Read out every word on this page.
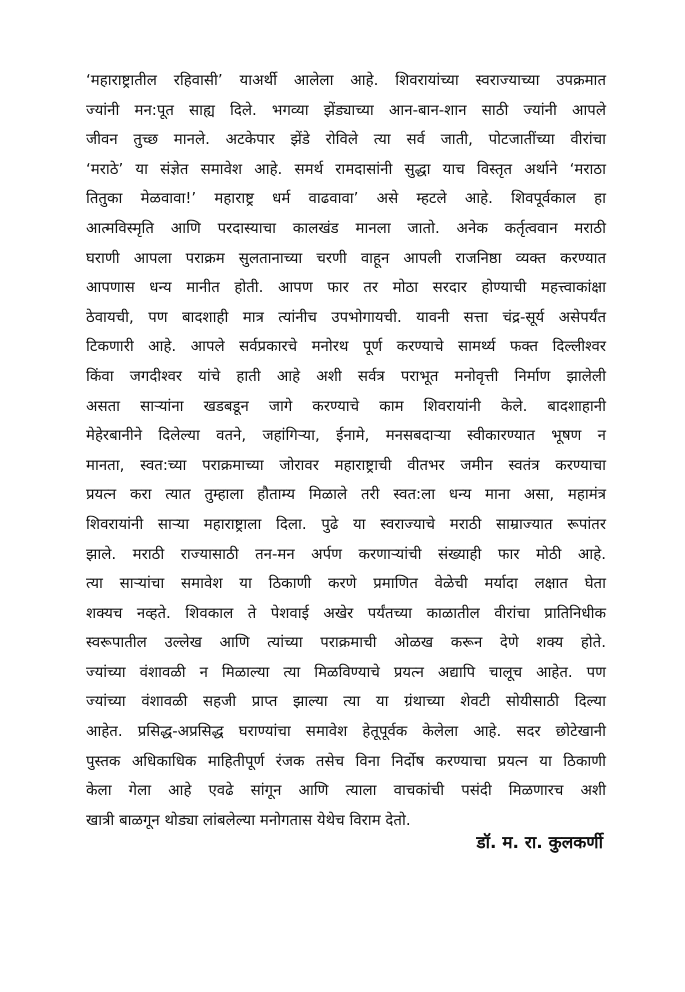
‘महाराष्ट्रातील रहिवासी’ याअर्थी आलेला आहे. शिवरायांच्या स्वराज्याच्या उपक्रमात
ज्यांनी मन:पूत साह्य दिले. भगव्या झेंड्याच्या आन-बान-शान साठी ज्यांनी आपले
जीवन तुच्छ मानले. अटकेपार झेंडे रोविले त्या सर्व जाती, पोटजातींच्या वीरांचा
‘मराठे’ या संज्ञेत समावेश आहे. समर्थ रामदासांनी सुद्धा याच विस्तृत अर्थाने ‘मराठा
तितुका मेळवावा!’ महाराष्ट्र धर्म वाढवावा’ असे म्हटले आहे. शिवपूर्वकाल हा
आत्मविस्मृति आणि परदास्याचा कालखंड मानला जातो. अनेक कर्तृत्ववान मराठी
घराणी आपला पराक्रम सुलतानाच्या चरणी वाहून आपली राजनिष्ठा व्यक्त करण्यात
आपणास धन्य मानीत होती. आपण फार तर मोठा सरदार होण्याची महत्त्वाकांक्षा
ठेवायची, पण बादशाही मात्र त्यांनीच उपभोगायची. यावनी सत्ता चंद्र-सूर्य असेपर्यंत
टिकणारी आहे. आपले सर्वप्रकारचे मनोरथ पूर्ण करण्याचे सामर्थ्य फक्त दिल्लीश्वर
किंवा जगदीश्वर यांचे हाती आहे अशी सर्वत्र पराभूत मनोवृत्ती निर्माण झालेली
असता साऱ्यांना खडबडून जागे करण्याचे काम शिवरायांनी केले. बादशाहानी
मेहेरबानीने दिलेल्या वतने, जहांगिऱ्या, ईनामे, मनसबदाऱ्या स्वीकारण्यात भूषण न
मानता, स्वत:च्या पराक्रमाच्या जोरावर महाराष्ट्राची वीतभर जमीन स्वतंत्र करण्याचा
प्रयत्न करा त्यात तुम्हाला हौताम्य मिळाले तरी स्वत:ला धन्य माना असा, महामंत्र
शिवरायांनी साऱ्या महाराष्ट्राला दिला. पुढे या स्वराज्याचे मराठी साम्राज्यात रूपांतर
झाले. मराठी राज्यासाठी तन-मन अर्पण करणाऱ्यांची संख्याही फार मोठी आहे.
त्या साऱ्यांचा समावेश या ठिकाणी करणे प्रमाणित वेळेची मर्यादा लक्षात घेता
शक्यच नव्हते. शिवकाल ते पेशवाई अखेर पर्यंतच्या काळातील वीरांचा प्रातिनिधीक
स्वरूपातील उल्लेख आणि त्यांच्या पराक्रमाची ओळख करून देणे शक्य होते.
ज्यांच्या वंशावळी न मिळाल्या त्या मिळविण्याचे प्रयत्न अद्यापि चालूच आहेत. पण
ज्यांच्या वंशावळी सहजी प्राप्त झाल्या त्या या ग्रंथाच्या शेवटी सोयीसाठी दिल्या
आहेत. प्रसिद्ध-अप्रसिद्ध घराण्यांचा समावेश हेतूपूर्वक केलेला आहे. सदर छोटेखानी
पुस्तक अधिकाधिक माहितीपूर्ण रंजक तसेच विना निर्दोष करण्याचा प्रयत्न या ठिकाणी
केला गेला आहे एवढे सांगून आणि त्याला वाचकांची पसंदी मिळणारच अशी
खात्री बाळगून थोड्या लांबलेल्या मनोगतास येथेच विराम देतो.

डॉ. म. रा. कुलकर्णी
